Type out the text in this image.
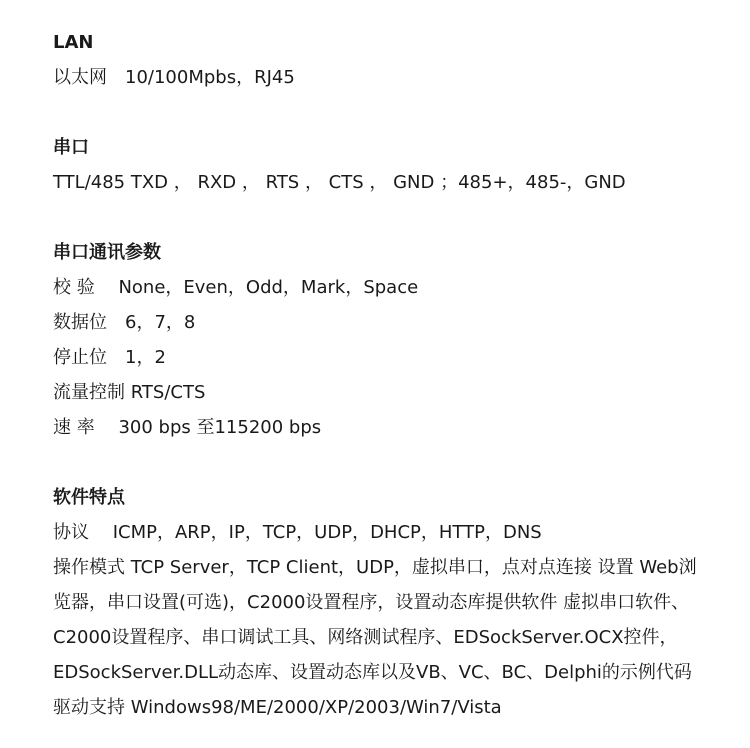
LAN
以太网　10/100Mpbs，RJ45
串口
TTL/485 TXD ， RXD ， RTS ， CTS ， GND ；485+，485-，GND
串口通讯参数
校 验　 None，Even，Odd，Mark，Space
数据位　6，7，8
停止位　1，2
流量控制 RTS/CTS
速 率　 300 bps 至115200 bps
软件特点
协议　 ICMP，ARP，IP，TCP，UDP，DHCP，HTTP，DNS
操作模式 TCP Server，TCP Client，UDP，虚拟串口，点对点连接 设置 Web浏
览器，串口设置(可选)，C2000设置程序，设置动态库提供软件 虚拟串口软件、
C2000设置程序、串口调试工具、网络测试程序、EDSockServer.OCX控件，
EDSockServer.DLL动态库、设置动态库以及VB、VC、BC、Delphi的示例代码
驱动支持 Windows98/ME/2000/XP/2003/Win7/Vista
